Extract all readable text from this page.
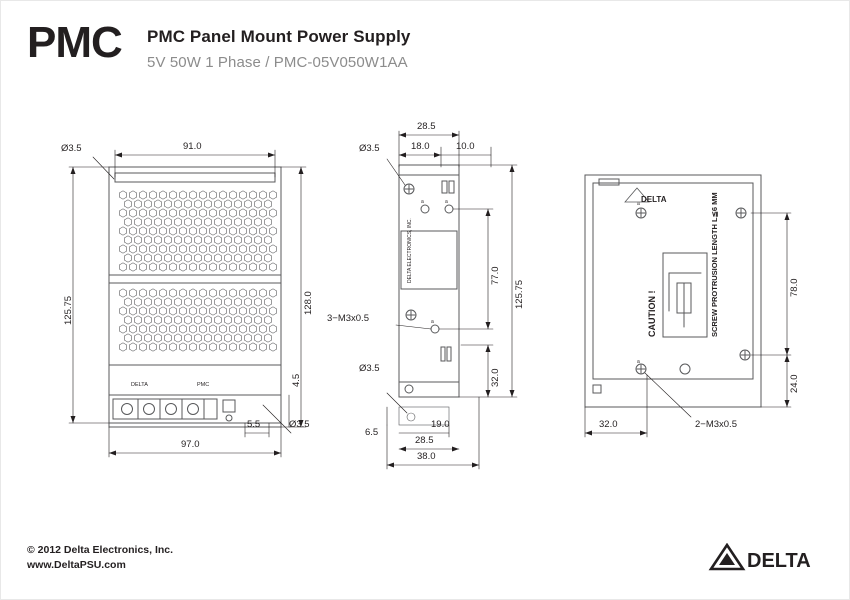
PMC PMC Panel Mount Power Supply
5V 50W 1 Phase / PMC-05V050W1AA
DELTA	PMC
DELTA ELECTRONICS, INC.
CAUTION !	SCREW PROTRUSION LENGTH L≦6 MM
a
a	a
a
a
DELTA
Ø3.5	91.0
125.75	128.0
4.5
97.0
5.5	Ø3.5
28.5
18.0	10.0
Ø3.5
77.0
125.75
32.0
3−M3x0.5
Ø3.5
6.5
19.0
28.5
38.0
78.0
24.0
32.0	2−M3x0.5
© 2012 Delta Electronics, Inc.
www.DeltaPSU.com	DELTA
